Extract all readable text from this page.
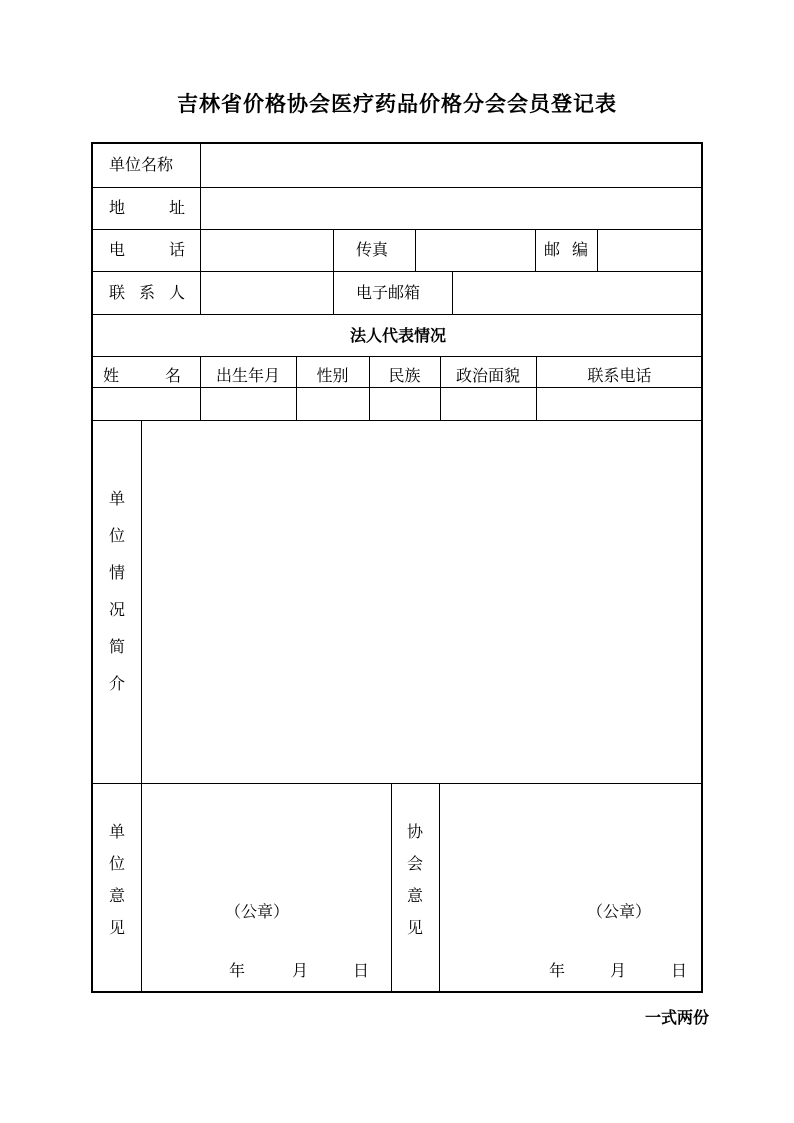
吉林省价格协会医疗药品价格分会会员登记表
单位名称
地	址
电	话	传真	邮 编
联 系 人	电子邮箱
法人代表情况
姓	名	出生年月	性别	民族	政治面貌	联系电话
单
位
情
况
简
介
单
位
意
见
（公章）
年	月	日
协
会
意
见
（公章）
年	月	日
一式两份
